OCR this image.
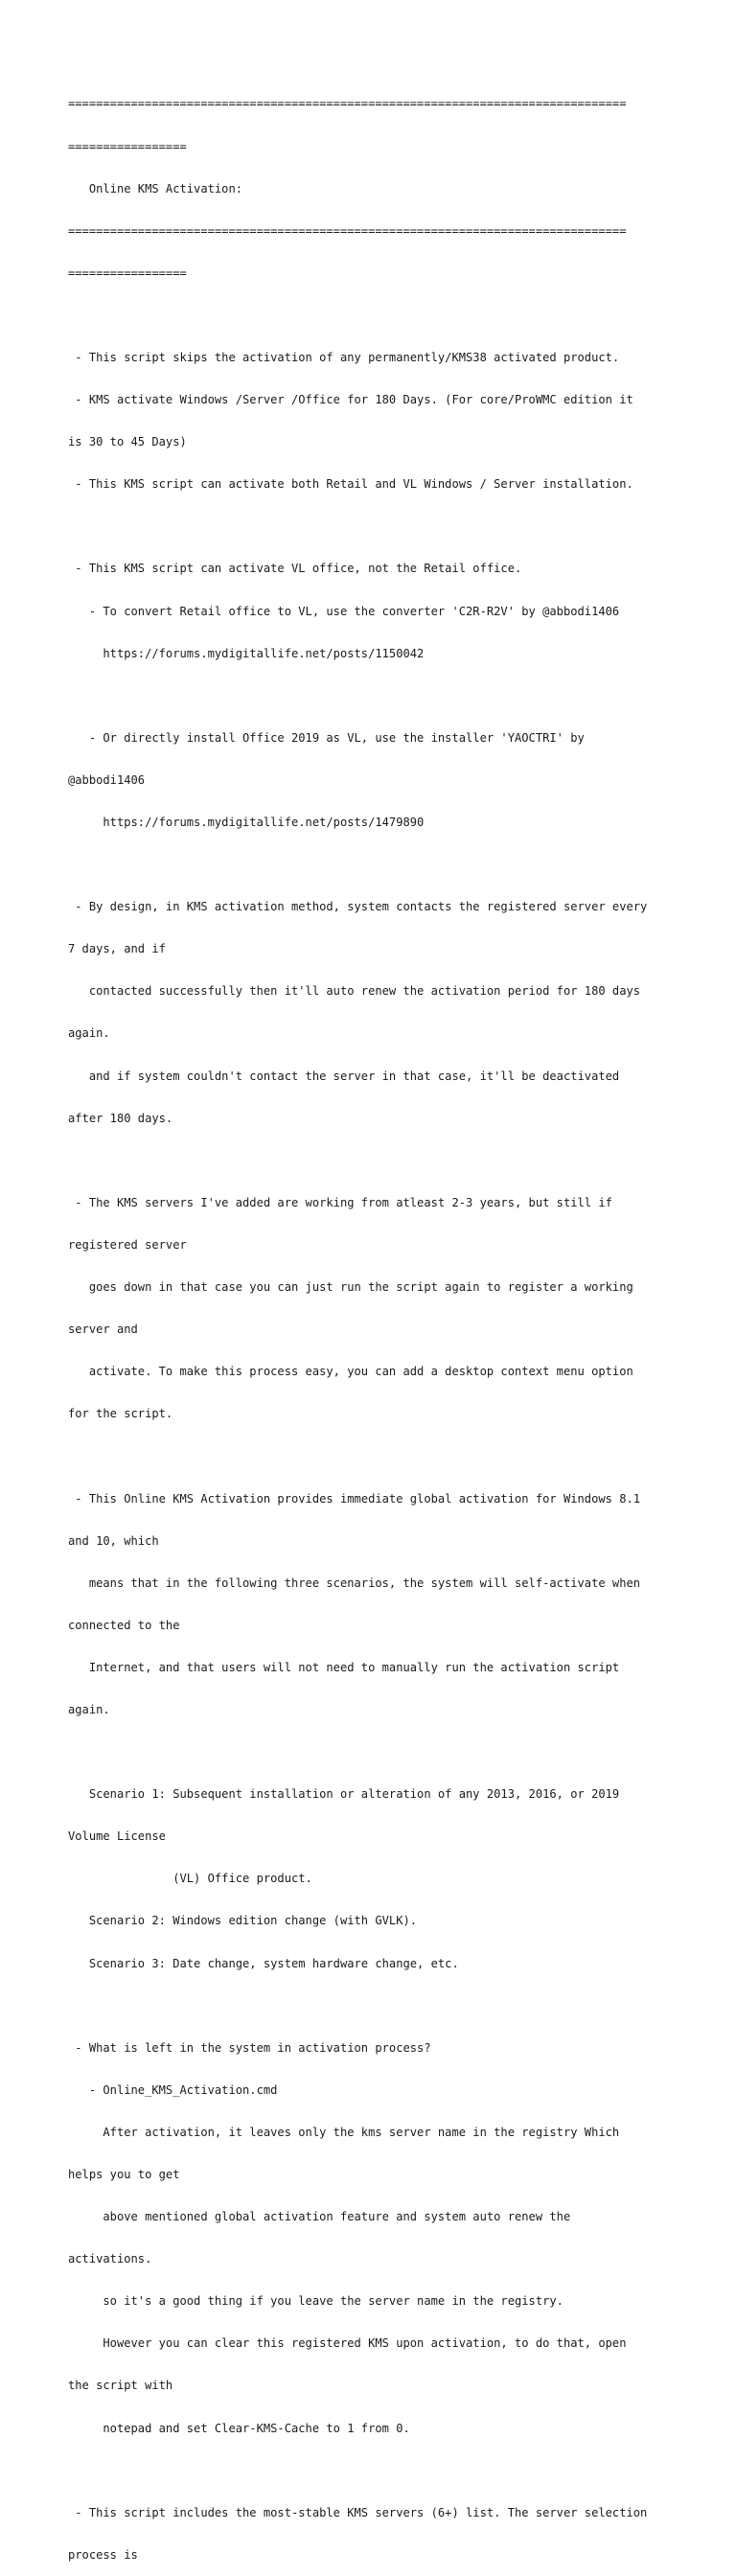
================================================================================

=================

Online KMS Activation:

================================================================================

=================

- This script skips the activation of any permanently/KMS38 activated product.

- KMS activate Windows /Server /Office for 180 Days. (For core/ProWMC edition it

is 30 to 45 Days)

- This KMS script can activate both Retail and VL Windows / Server installation.

- This KMS script can activate VL office, not the Retail office.

- To convert Retail office to VL, use the converter 'C2R-R2V' by @abbodi1406

https://forums.mydigitallife.net/posts/1150042

- Or directly install Office 2019 as VL, use the installer 'YAOCTRI' by

@abbodi1406

https://forums.mydigitallife.net/posts/1479890

- By design, in KMS activation method, system contacts the registered server every

7 days, and if

contacted successfully then it'll auto renew the activation period for 180 days

again.

and if system couldn't contact the server in that case, it'll be deactivated

after 180 days.

- The KMS servers I've added are working from atleast 2-3 years, but still if

registered server

goes down in that case you can just run the script again to register a working

server and

activate. To make this process easy, you can add a desktop context menu option

for the script.

- This Online KMS Activation provides immediate global activation for Windows 8.1

and 10, which

means that in the following three scenarios, the system will self-activate when

connected to the

Internet, and that users will not need to manually run the activation script

again.

Scenario 1: Subsequent installation or alteration of any 2013, 2016, or 2019

Volume License

(VL) Office product.

Scenario 2: Windows edition change (with GVLK).

Scenario 3: Date change, system hardware change, etc.

- What is left in the system in activation process?

- Online_KMS_Activation.cmd

After activation, it leaves only the kms server name in the registry Which

helps you to get

above mentioned global activation feature and system auto renew the

activations.

so it's a good thing if you leave the server name in the registry.

However you can clear this registered KMS upon activation, to do that, open

the script with

notepad and set Clear-KMS-Cache to 1 from 0.

- This script includes the most-stable KMS servers (6+) list. The server selection

process is
